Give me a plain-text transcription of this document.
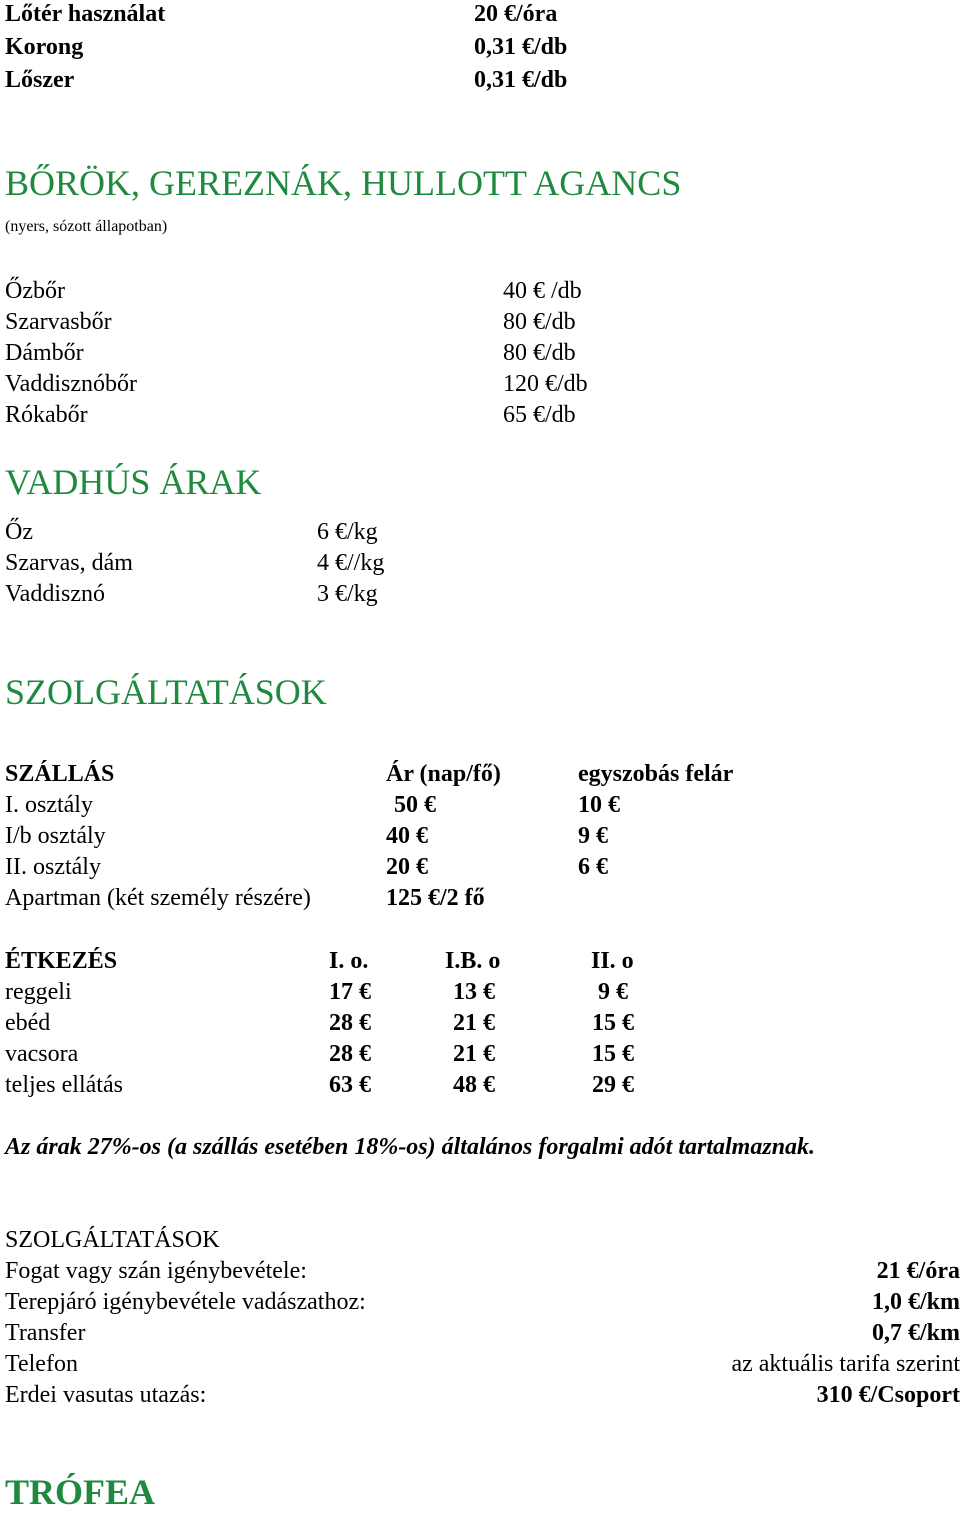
Lőtér használat	20 €/óra
Korong	0,31 €/db
Lőszer	0,31 €/db
BŐRÖK, GEREZNÁK, HULLOTT AGANCS
(nyers, sózott állapotban)
Őzbőr	40 € /db
Szarvasbőr	80 €/db
Dámbőr	80 €/db
Vaddisznóbőr	120 €/db
Rókabőr	65 €/db
VADHÚS ÁRAK
Őz	6 €/kg
Szarvas, dám	4 €//kg
Vaddisznó	3 €/kg
SZOLGÁLTATÁSOK
SZÁLLÁS	Ár (nap/fő)	egyszobás felár
I. osztály	50 €	10 €
I/b osztály	40 €	9 €
II. osztály	20 €	6 €
Apartman (két személy részére)	125 €/2 fő
ÉTKEZÉS	I. o.	I.B. o	II. o
reggeli	17 €	13 €	9 €
ebéd	28 €	21 €	15 €
vacsora	28 €	21 €	15 €
teljes ellátás	63 €	48 €	29 €
Az árak 27%-os (a szállás esetében 18%-os) általános forgalmi adót tartalmaznak.
SZOLGÁLTATÁSOK
Fogat vagy szán igénybevétele:	21 €/óra
Terepjáró igénybevétele vadászathoz:	1,0 €/km
Transfer	0,7 €/km
Telefon	az aktuális tarifa szerint
Erdei vasutas utazás:	310 €/Csoport
TRÓFEA
